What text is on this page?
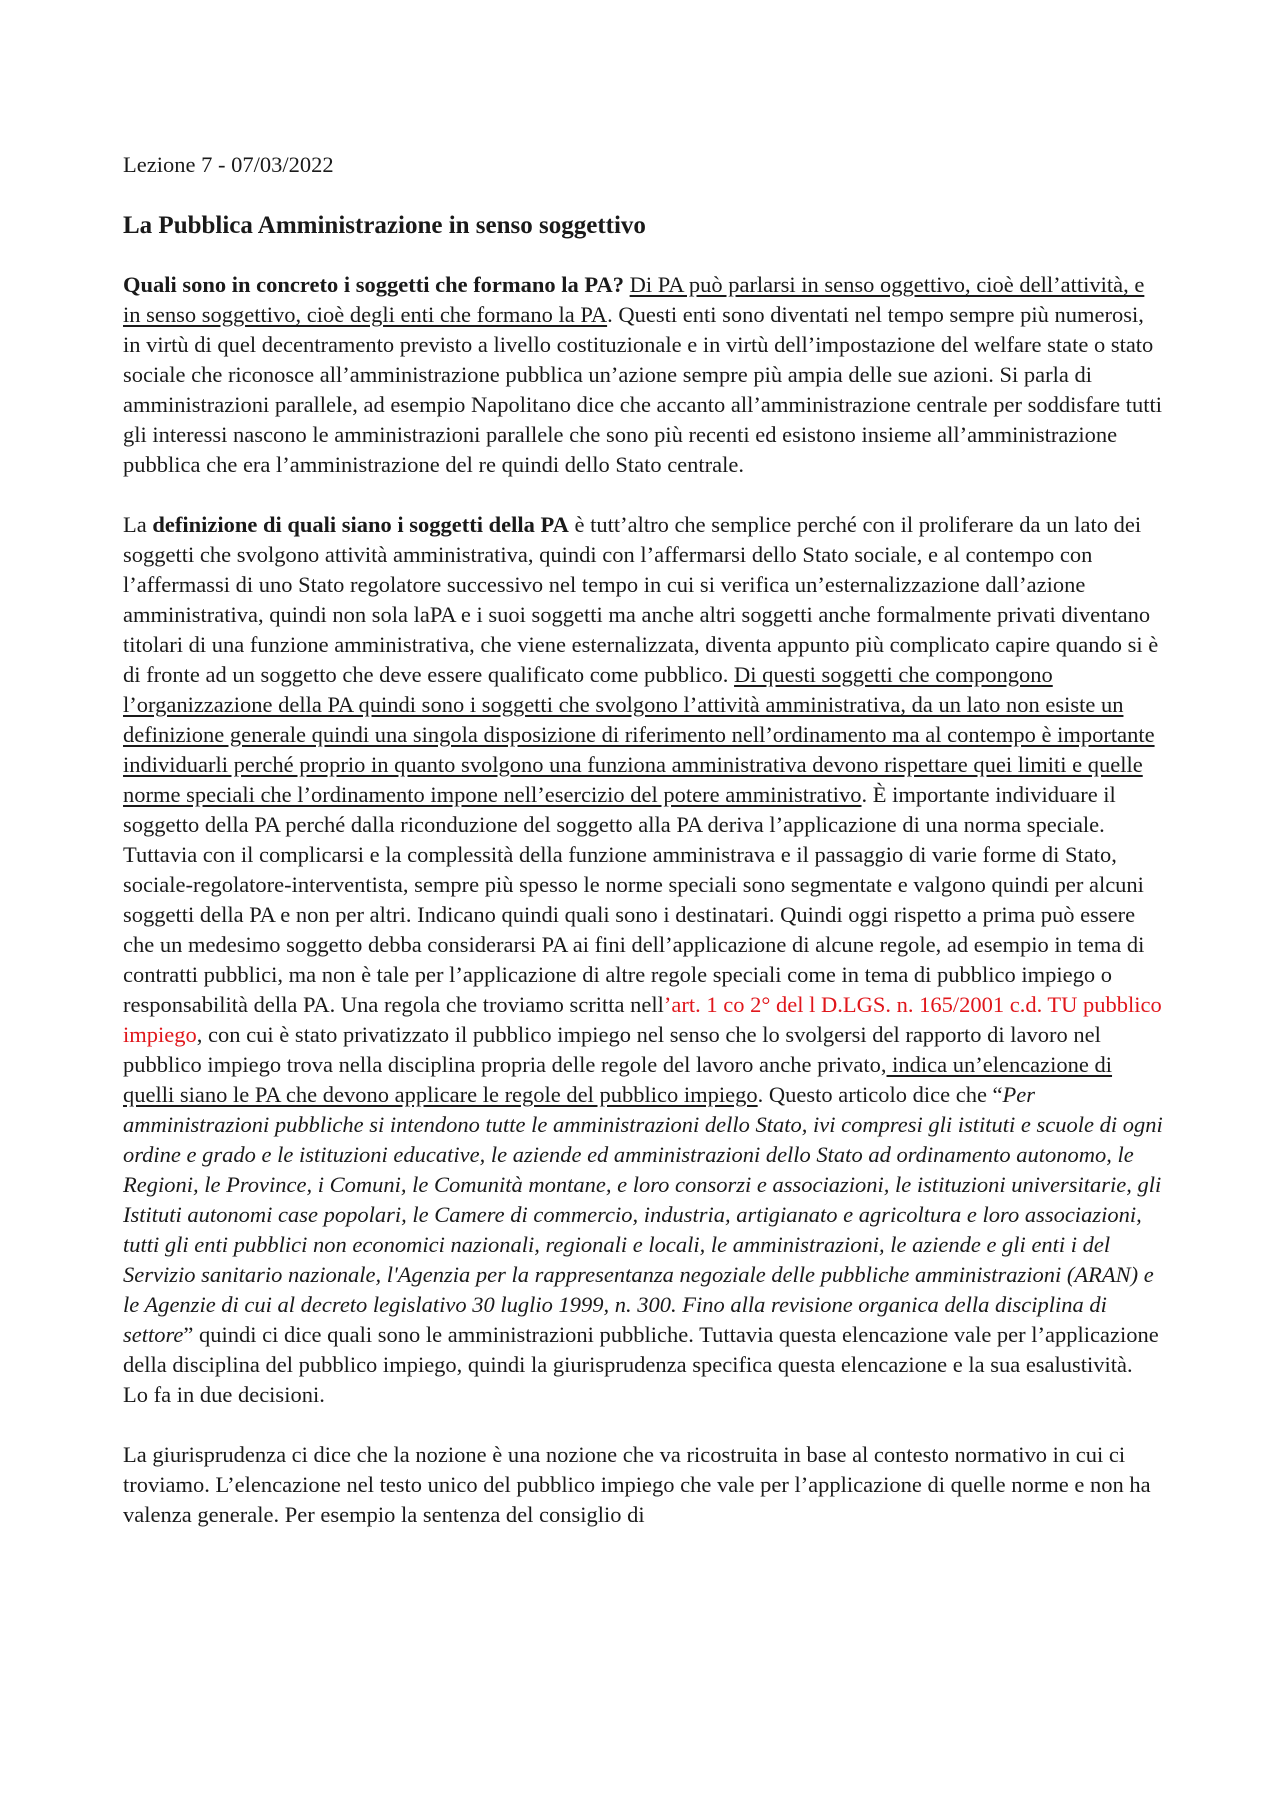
Lezione 7 - 07/03/2022
La Pubblica Amministrazione in senso soggettivo

Quali sono in concreto i soggetti che formano la PA? Di PA può parlarsi in senso oggettivo, cioè dell’attività, e in senso soggettivo, cioè degli enti che formano la PA. Questi enti sono diventati nel tempo sempre più numerosi, in virtù di quel decentramento previsto a livello costituzionale e in virtù dell’impostazione del welfare state o stato sociale che riconosce all’amministrazione pubblica un’azione sempre più ampia delle sue azioni. Si parla di amministrazioni parallele, ad esempio Napolitano dice che accanto all’amministrazione centrale per soddisfare tutti gli interessi nascono le amministrazioni parallele che sono più recenti ed esistono insieme all’amministrazione pubblica che era l’amministrazione del re quindi dello Stato centrale.

La definizione di quali siano i soggetti della PA è tutt’altro che semplice perché con il proliferare da un lato dei soggetti che svolgono attività amministrativa, quindi con l’affermarsi dello Stato sociale, e al contempo con l’affermassi di uno Stato regolatore successivo nel tempo in cui si verifica un’esternalizzazione dall’azione amministrativa, quindi non sola laPA e i suoi soggetti ma anche altri soggetti anche formalmente privati diventano titolari di una funzione amministrativa, che viene esternalizzata, diventa appunto più complicato capire quando si è di fronte ad un soggetto che deve essere qualificato come pubblico. Di questi soggetti che compongono l’organizzazione della PA quindi sono i soggetti che svolgono l’attività amministrativa, da un lato non esiste un definizione generale quindi una singola disposizione di riferimento nell’ordinamento ma al contempo è importante individuarli perché proprio in quanto svolgono una funziona amministrativa devono rispettare quei limiti e quelle norme speciali che l’ordinamento impone nell’esercizio del potere amministrativo. È importante individuare il soggetto della PA perché dalla riconduzione del soggetto alla PA deriva l’applicazione di una norma speciale. Tuttavia con il complicarsi e la complessità della funzione amministrava e il passaggio di varie forme di Stato, sociale-regolatore-interventista, sempre più spesso le norme speciali sono segmentate e valgono quindi per alcuni soggetti della PA e non per altri. Indicano quindi quali sono i destinatari. Quindi oggi rispetto a prima può essere che un medesimo soggetto debba considerarsi PA ai fini dell’applicazione di alcune regole, ad esempio in tema di contratti pubblici, ma non è tale per l’applicazione di altre regole speciali come in tema di pubblico impiego o responsabilità della PA. Una regola che troviamo scritta nell’art. 1 co 2° del l D.LGS. n. 165/2001 c.d. TU pubblico impiego, con cui è stato privatizzato il pubblico impiego nel senso che lo svolgersi del rapporto di lavoro nel pubblico impiego trova nella disciplina propria delle regole del lavoro anche privato, indica un’elencazione di quelli siano le PA che devono applicare le regole del pubblico impiego. Questo articolo dice che “Per amministrazioni pubbliche si intendono tutte le amministrazioni dello Stato, ivi compresi gli istituti e scuole di ogni ordine e grado e le istituzioni educative, le aziende ed amministrazioni dello Stato ad ordinamento autonomo, le Regioni, le Province, i Comuni, le Comunità montane, e loro consorzi e associazioni, le istituzioni universitarie, gli Istituti autonomi case popolari, le Camere di commercio, industria, artigianato e agricoltura e loro associazioni, tutti gli enti pubblici non economici nazionali, regionali e locali, le amministrazioni, le aziende e gli enti i del Servizio sanitario nazionale, l'Agenzia per la rappresentanza negoziale delle pubbliche amministrazioni (ARAN) e le Agenzie di cui al decreto legislativo 30 luglio 1999, n. 300. Fino alla revisione organica della disciplina di settore” quindi ci dice quali sono le amministrazioni pubbliche. Tuttavia questa elencazione vale per l’applicazione della disciplina del pubblico impiego, quindi la giurisprudenza specifica questa elencazione e la sua esalustività. Lo fa in due decisioni.

La giurisprudenza ci dice che la nozione è una nozione che va ricostruita in base al contesto normativo in cui ci troviamo. L’elencazione nel testo unico del pubblico impiego che vale per l’applicazione di quelle norme e non ha valenza generale. Per esempio la sentenza del consiglio di
